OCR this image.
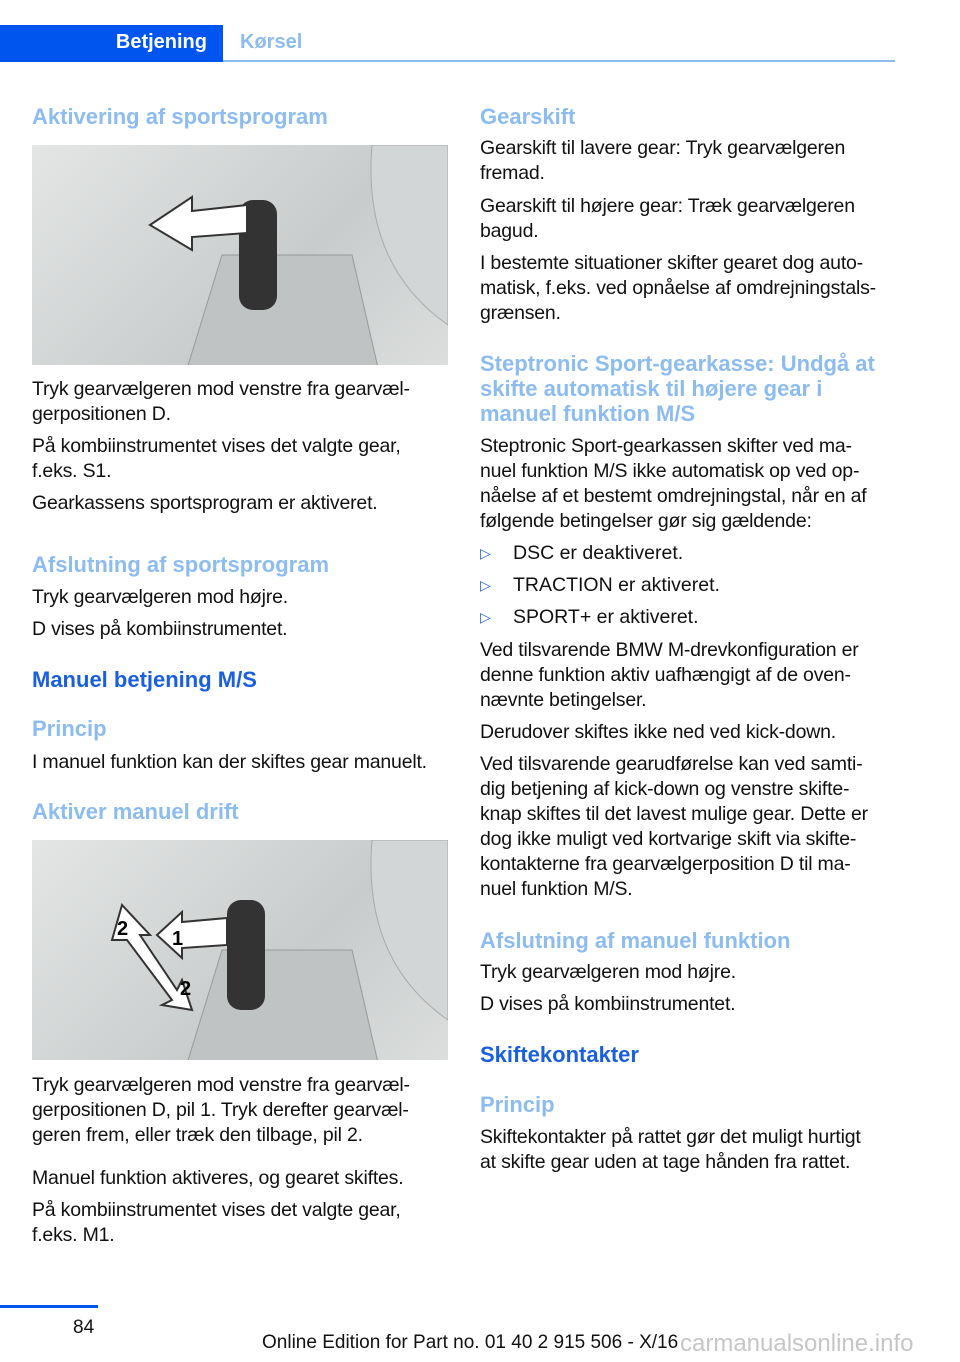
Betjening	Kørsel
Aktivering af sportsprogram
Tryk gearvælgeren mod venstre fra gearvæl-
gerpositionen D.
På kombiinstrumentet vises det valgte gear,
f.eks. S1.
Gearkassens sportsprogram er aktiveret.
Afslutning af sportsprogram
Tryk gearvælgeren mod højre.
D vises på kombiinstrumentet.
Manuel betjening M/S
Princip
I manuel funktion kan der skiftes gear manuelt.
Aktiver manuel drift
1
2
2
Tryk gearvælgeren mod venstre fra gearvæl-
gerpositionen D, pil 1. Tryk derefter gearvæl-
geren frem, eller træk den tilbage, pil 2.
Manuel funktion aktiveres, og gearet skiftes.
På kombiinstrumentet vises det valgte gear,
f.eks. M1.
Gearskift
Gearskift til lavere gear: Tryk gearvælgeren
fremad.
Gearskift til højere gear: Træk gearvælgeren
bagud.
I bestemte situationer skifter gearet dog auto-
matisk, f.eks. ved opnåelse af omdrejningstals-
grænsen.
Steptronic Sport-gearkasse: Undgå at
skifte automatisk til højere gear i
manuel funktion M/S
Steptronic Sport-gearkassen skifter ved ma-
nuel funktion M/S ikke automatisk op ved op-
nåelse af et bestemt omdrejningstal, når en af
følgende betingelser gør sig gældende:
▷ DSC er deaktiveret.
▷ TRACTION er aktiveret.
▷ SPORT+ er aktiveret.
Ved tilsvarende BMW M-drevkonfiguration er
denne funktion aktiv uafhængigt af de oven-
nævnte betingelser.
Derudover skiftes ikke ned ved kick-down.
Ved tilsvarende gearudførelse kan ved samti-
dig betjening af kick-down og venstre skifte-
knap skiftes til det lavest mulige gear. Dette er
dog ikke muligt ved kortvarige skift via skifte-
kontakterne fra gearvælgerposition D til ma-
nuel funktion M/S.
Afslutning af manuel funktion
Tryk gearvælgeren mod højre.
D vises på kombiinstrumentet.
Skiftekontakter
Princip
Skiftekontakter på rattet gør det muligt hurtigt
at skifte gear uden at tage hånden fra rattet.
84
Online Edition for Part no. 01 40 2 915 506 - X/16 carmanualsonline.info
